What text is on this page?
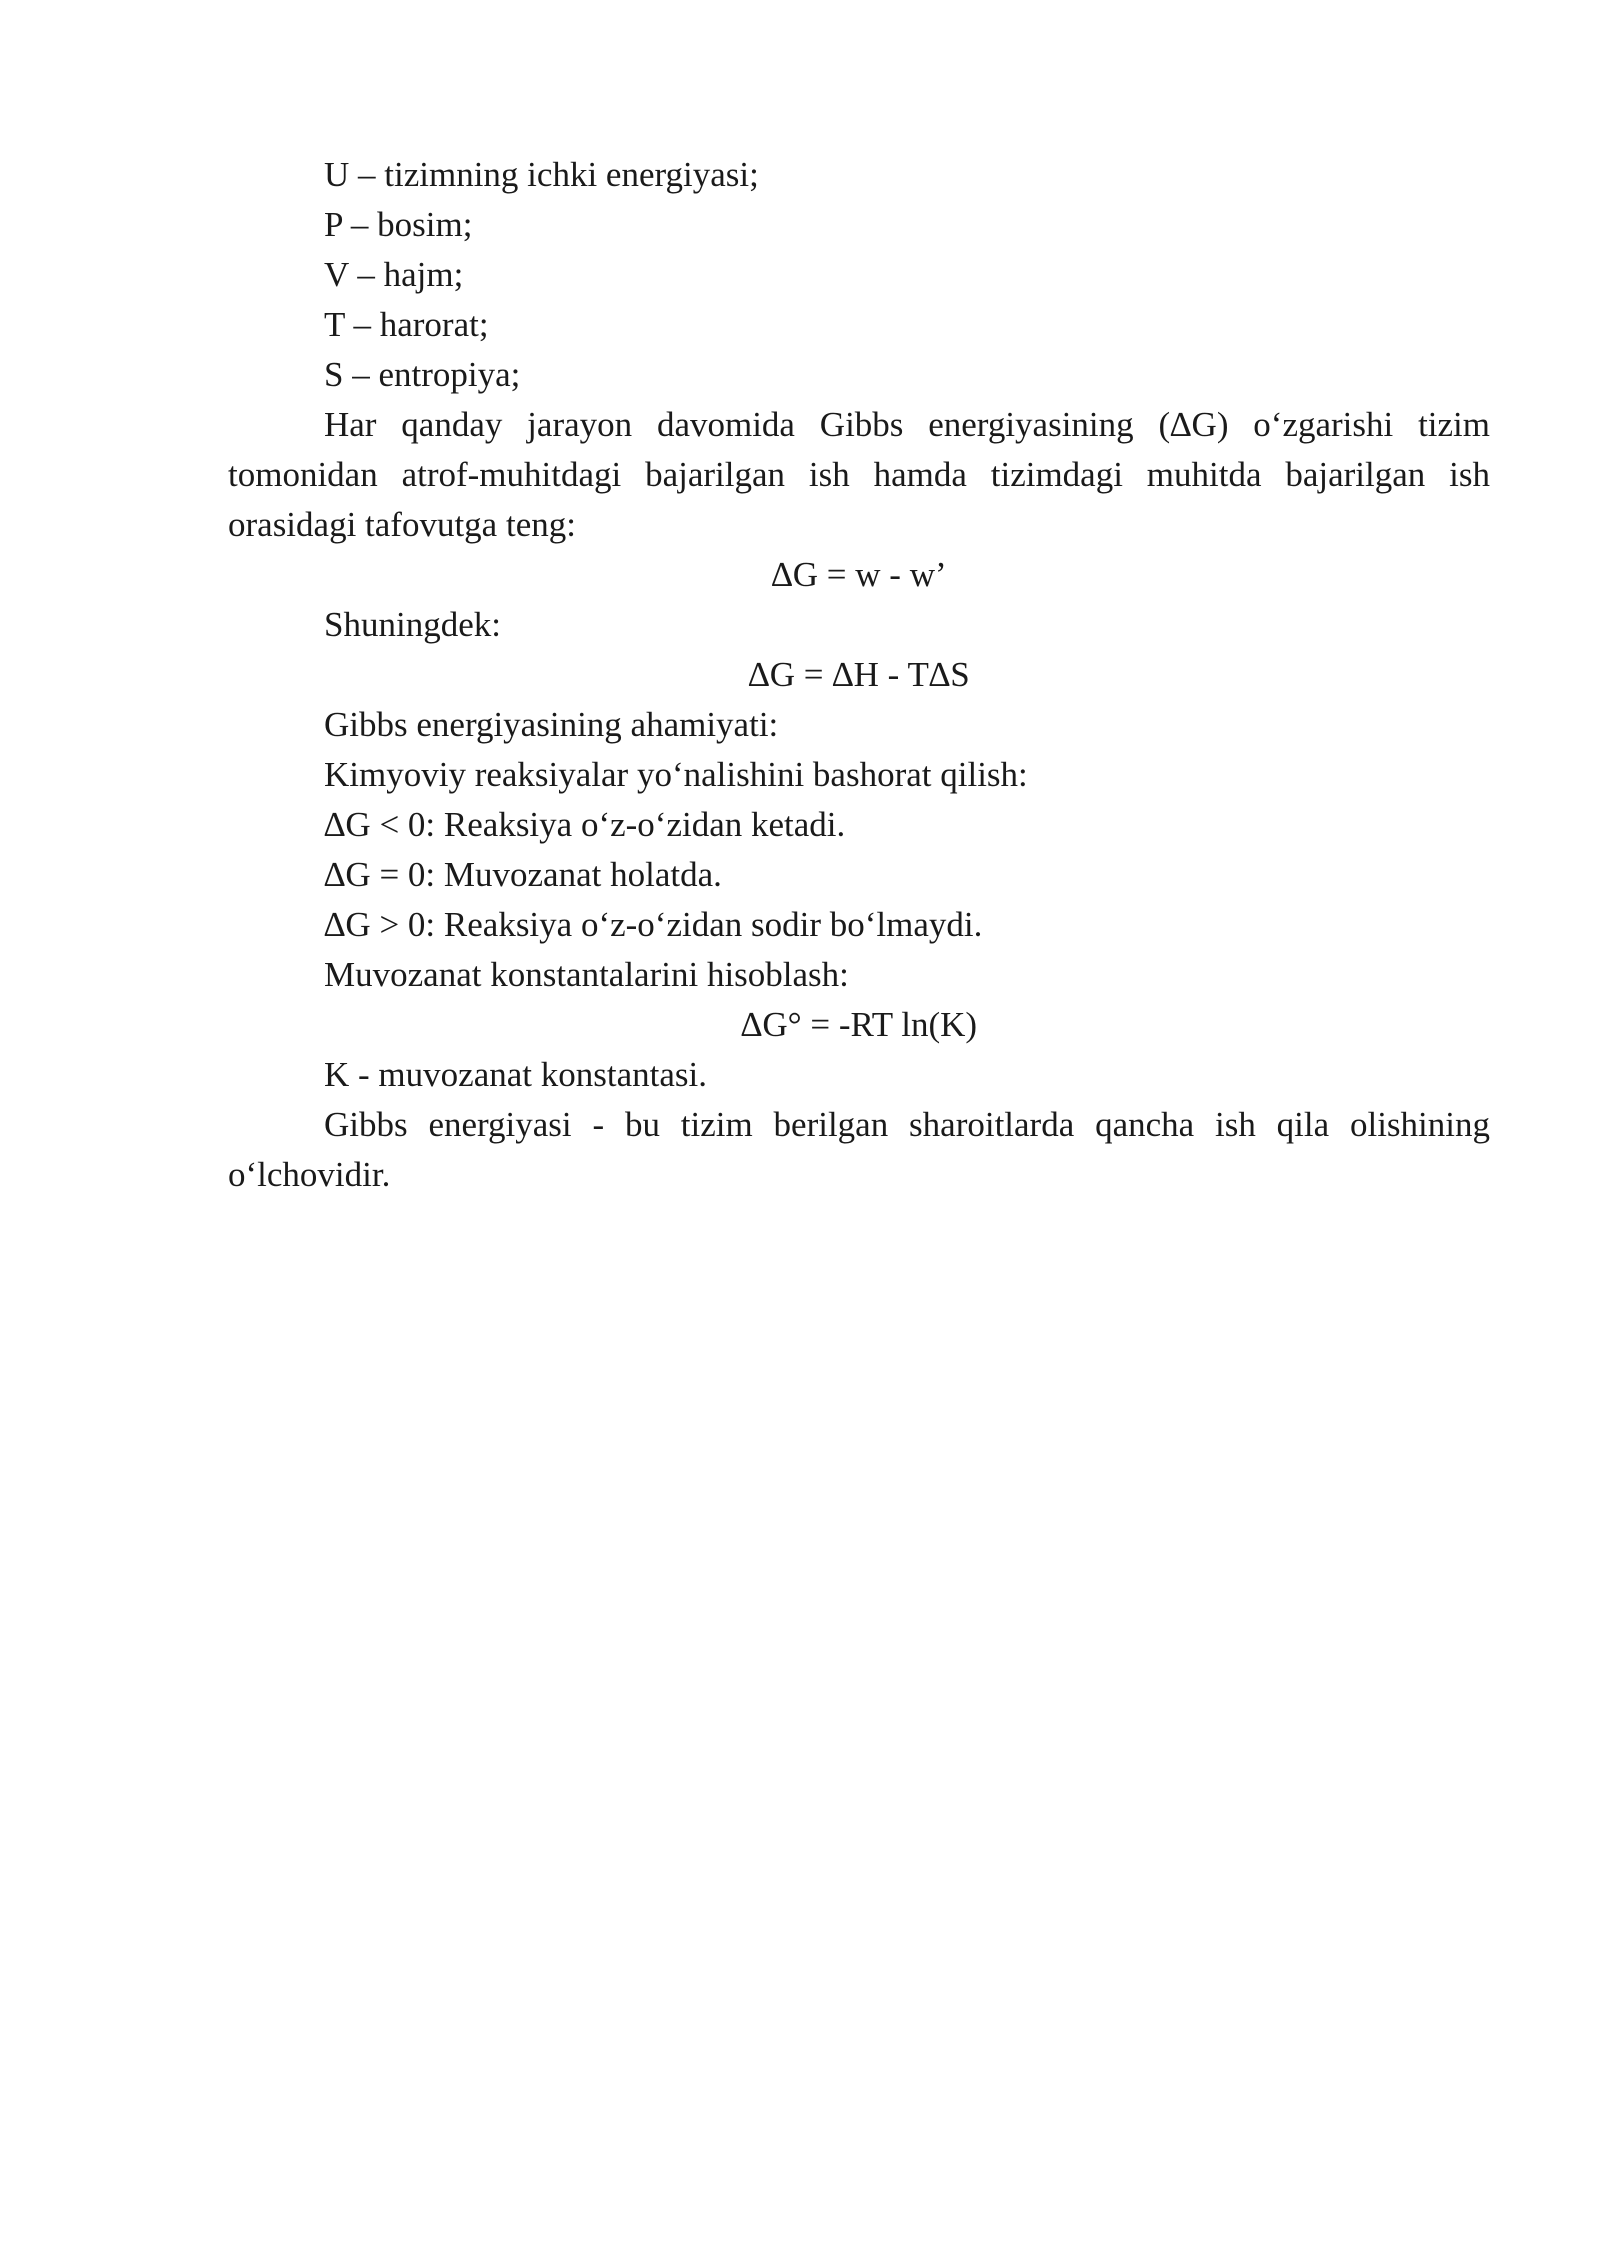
U – tizimning ichki energiyasi;

P – bosim;

V – hajm;

T – harorat;

S – entropiya;

Har qanday jarayon davomida Gibbs energiyasining (∆G) oʻzgarishi tizim tomonidan atrof-muhitdagi bajarilgan ish hamda tizimdagi muhitda bajarilgan ish orasidagi tafovutga teng:

∆G = w - w’

Shuningdek:

∆G = ∆H - T∆S

Gibbs energiyasining ahamiyati:

Kimyoviy reaksiyalar yoʻnalishini bashorat qilish:

∆G < 0: Reaksiya oʻz-oʻzidan ketadi.

∆G = 0: Muvozanat holatda.

∆G > 0: Reaksiya oʻz-oʻzidan sodir boʻlmaydi.

Muvozanat konstantalarini hisoblash:

∆G° = -RT ln(K)

K - muvozanat konstantasi.

Gibbs energiyasi - bu tizim berilgan sharoitlarda qancha ish qila olishining oʻlchovidir.
